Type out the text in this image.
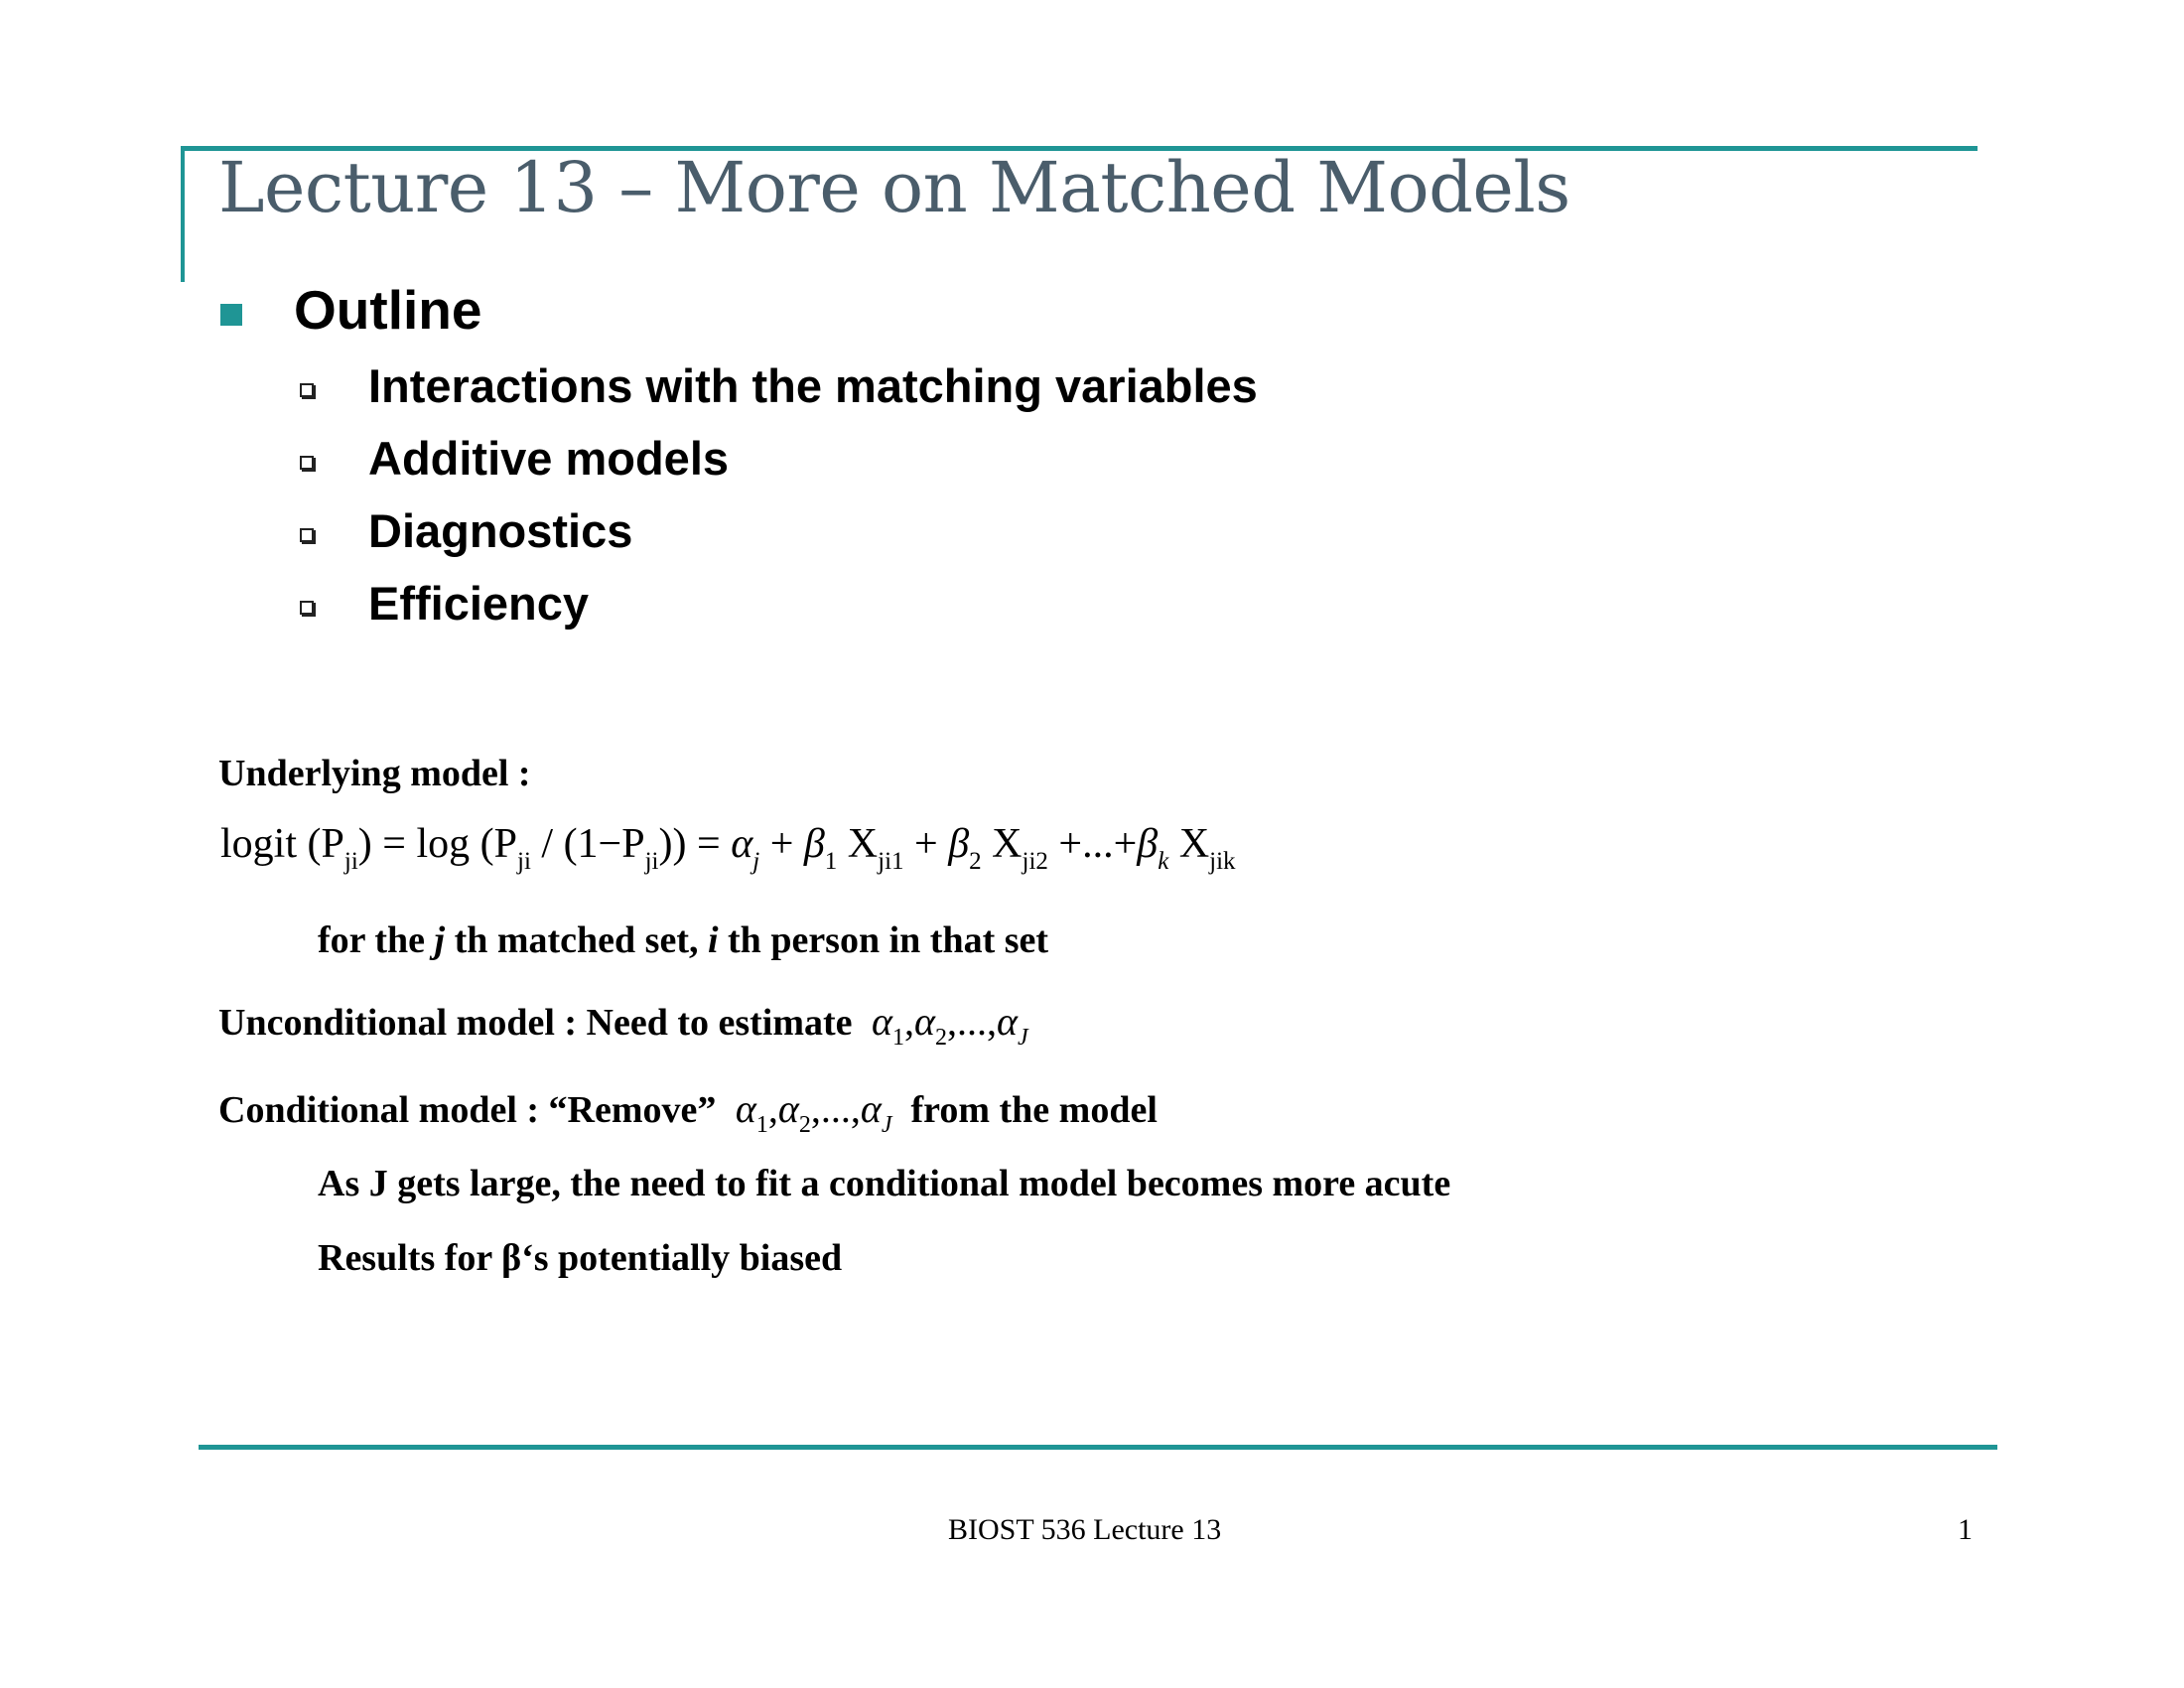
Lecture 13 – More on Matched Models
Outline
Interactions with the matching variables
Additive models
Diagnostics
Efficiency
Underlying model :
logit $(P_{ji}) = \log (P_{ji} / (1-P_{ji})) = \alpha_j + \beta_1$ $X_{ji1} + \beta_2$ $X_{ji2} +...+\beta_k$ $X_{jik}$
for the j th matched set, i th person in that set
Unconditional model : Need to estimate $\alpha_1,\alpha_2,...,\alpha_J$
Conditional model : “Remove” $\alpha_1,\alpha_2,...,\alpha_J$ from the model
As J gets large, the need to fit a conditional model becomes more acute
Results for β‘s potentially biased
BIOST 536 Lecture 13	1
